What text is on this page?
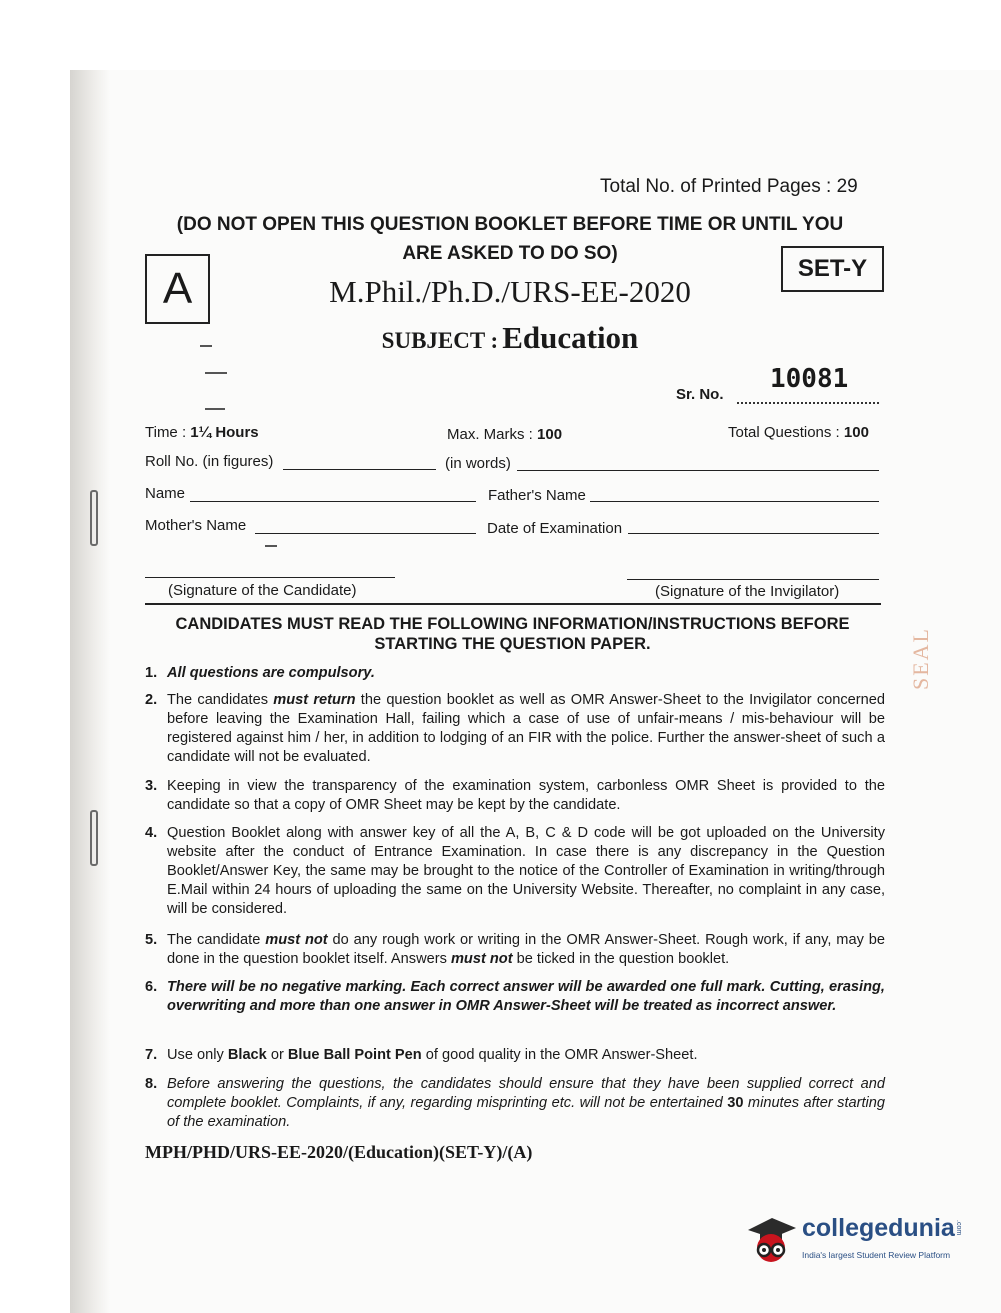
Total No. of Printed Pages : 29
(DO NOT OPEN THIS QUESTION BOOKLET BEFORE TIME OR UNTIL YOU
ARE ASKED TO DO SO)
A	SET-Y
M.Phil./Ph.D./URS-EE-2020
SUBJECT : Education
Sr. No.
10081
Time : 1¼ Hours	Max. Marks : 100	Total Questions : 100
Roll No. (in figures)	(in words)
Name	Father's Name
Mother's Name	Date of Examination
(Signature of the Candidate)	(Signature of the Invigilator)
CANDIDATES MUST READ THE FOLLOWING INFORMATION/INSTRUCTIONS BEFORE
STARTING THE QUESTION PAPER.
1. All questions are compulsory.
2. The candidates must return the question booklet as well as OMR Answer-Sheet to the Invigilator concerned before leaving the Examination Hall, failing which a case of use of unfair-means / mis-behaviour will be registered against him / her, in addition to lodging of an FIR with the police. Further the answer-sheet of such a candidate will not be evaluated.
3. Keeping in view the transparency of the examination system, carbonless OMR Sheet is provided to the candidate so that a copy of OMR Sheet may be kept by the candidate.
4. Question Booklet along with answer key of all the A, B, C & D code will be got uploaded on the University website after the conduct of Entrance Examination. In case there is any discrepancy in the Question Booklet/Answer Key, the same may be brought to the notice of the Controller of Examination in writing/through E.Mail within 24 hours of uploading the same on the University Website. Thereafter, no complaint in any case, will be considered.
5. The candidate must not do any rough work or writing in the OMR Answer-Sheet. Rough work, if any, may be done in the question booklet itself. Answers must not be ticked in the question booklet.
6. There will be no negative marking. Each correct answer will be awarded one full mark. Cutting, erasing, overwriting and more than one answer in OMR Answer-Sheet will be treated as incorrect answer.
7. Use only Black or Blue Ball Point Pen of good quality in the OMR Answer-Sheet.
8. Before answering the questions, the candidates should ensure that they have been supplied correct and complete booklet. Complaints, if any, regarding misprinting etc. will not be entertained 30 minutes after starting of the examination.
MPH/PHD/URS-EE-2020/(Education)(SET-Y)/(A)
SEAL
collegedunia .com
India's largest Student Review Platform
